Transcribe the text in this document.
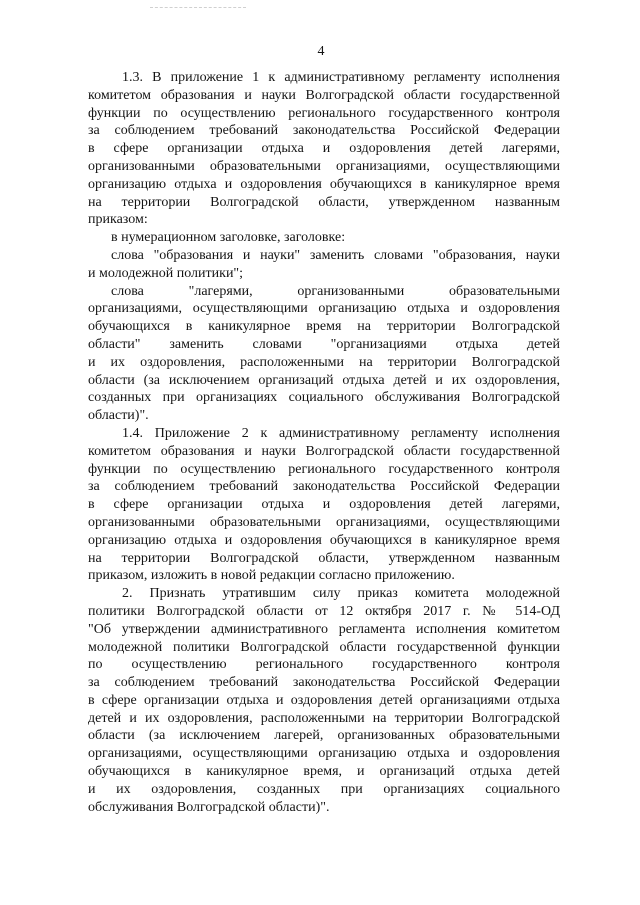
4
1.3. В приложение 1 к административному регламенту исполнения
комитетом образования и науки Волгоградской области государственной
функции по осуществлению регионального государственного контроля
за соблюдением требований законодательства Российской Федерации
в сфере организации отдыха и оздоровления детей лагерями,
организованными образовательными организациями, осуществляющими
организацию отдыха и оздоровления обучающихся в каникулярное время
на территории Волгоградской области, утвержденном названным
приказом:
в нумерационном заголовке, заголовке:
слова "образования и науки" заменить словами "образования, науки
и молодежной политики";
слова "лагерями, организованными образовательными
организациями, осуществляющими организацию отдыха и оздоровления
обучающихся в каникулярное время на территории Волгоградской
области" заменить словами "организациями отдыха детей
и их оздоровления, расположенными на территории Волгоградской
области (за исключением организаций отдыха детей и их оздоровления,
созданных при организациях социального обслуживания Волгоградской
области)".
1.4. Приложение 2 к административному регламенту исполнения
комитетом образования и науки Волгоградской области государственной
функции по осуществлению регионального государственного контроля
за соблюдением требований законодательства Российской Федерации
в сфере организации отдыха и оздоровления детей лагерями,
организованными образовательными организациями, осуществляющими
организацию отдыха и оздоровления обучающихся в каникулярное время
на территории Волгоградской области, утвержденном названным
приказом, изложить в новой редакции согласно приложению.
2. Признать утратившим силу приказ комитета молодежной
политики Волгоградской области от 12 октября 2017 г. № 514-ОД
"Об утверждении административного регламента исполнения комитетом
молодежной политики Волгоградской области государственной функции
по осуществлению регионального государственного контроля
за соблюдением требований законодательства Российской Федерации
в сфере организации отдыха и оздоровления детей организациями отдыха
детей и их оздоровления, расположенными на территории Волгоградской
области (за исключением лагерей, организованных образовательными
организациями, осуществляющими организацию отдыха и оздоровления
обучающихся в каникулярное время, и организаций отдыха детей
и их оздоровления, созданных при организациях социального
обслуживания Волгоградской области)".
